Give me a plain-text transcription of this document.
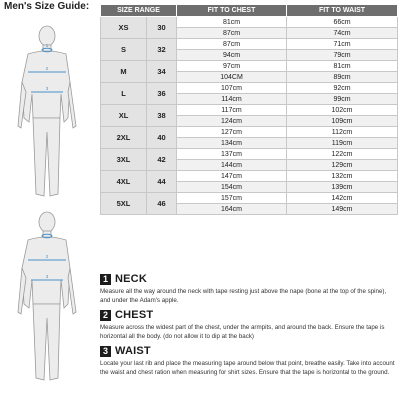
Men's Size Guide:
1
2
3
2
3
SIZE RANGE		FIT TO CHEST	FIT TO WAIST
XS	30	81cm	66cm
		87cm	74cm
S	32	87cm	71cm
		94cm	79cm
M	34	97cm	81cm
		104CM	89cm
L	36	107cm	92cm
		114cm	99cm
XL	38	117cm	102cm
		124cm	109cm
2XL	40	127cm	112cm
		134cm	119cm
3XL	42	137cm	122cm
		144cm	129cm
4XL	44	147cm	132cm
		154cm	139cm
5XL	46	157cm	142cm
		164cm	149cm
1 NECK
Measure all the way around the neck with tape resting just above the nape (bone at the top of the spine), and under the Adam's apple.
2 CHEST
Measure across the widest part of the chest, under the armpits, and around the back. Ensure the tape is horizontal all the body. (do not allow it to dip at the back)
3 WAIST
Locate your last rib and place the measuring tape around below that point, breathe easily. Take into account the waist and chest ration when measuring for shirt sizes. Ensure that the tape is horizontal to the ground.
